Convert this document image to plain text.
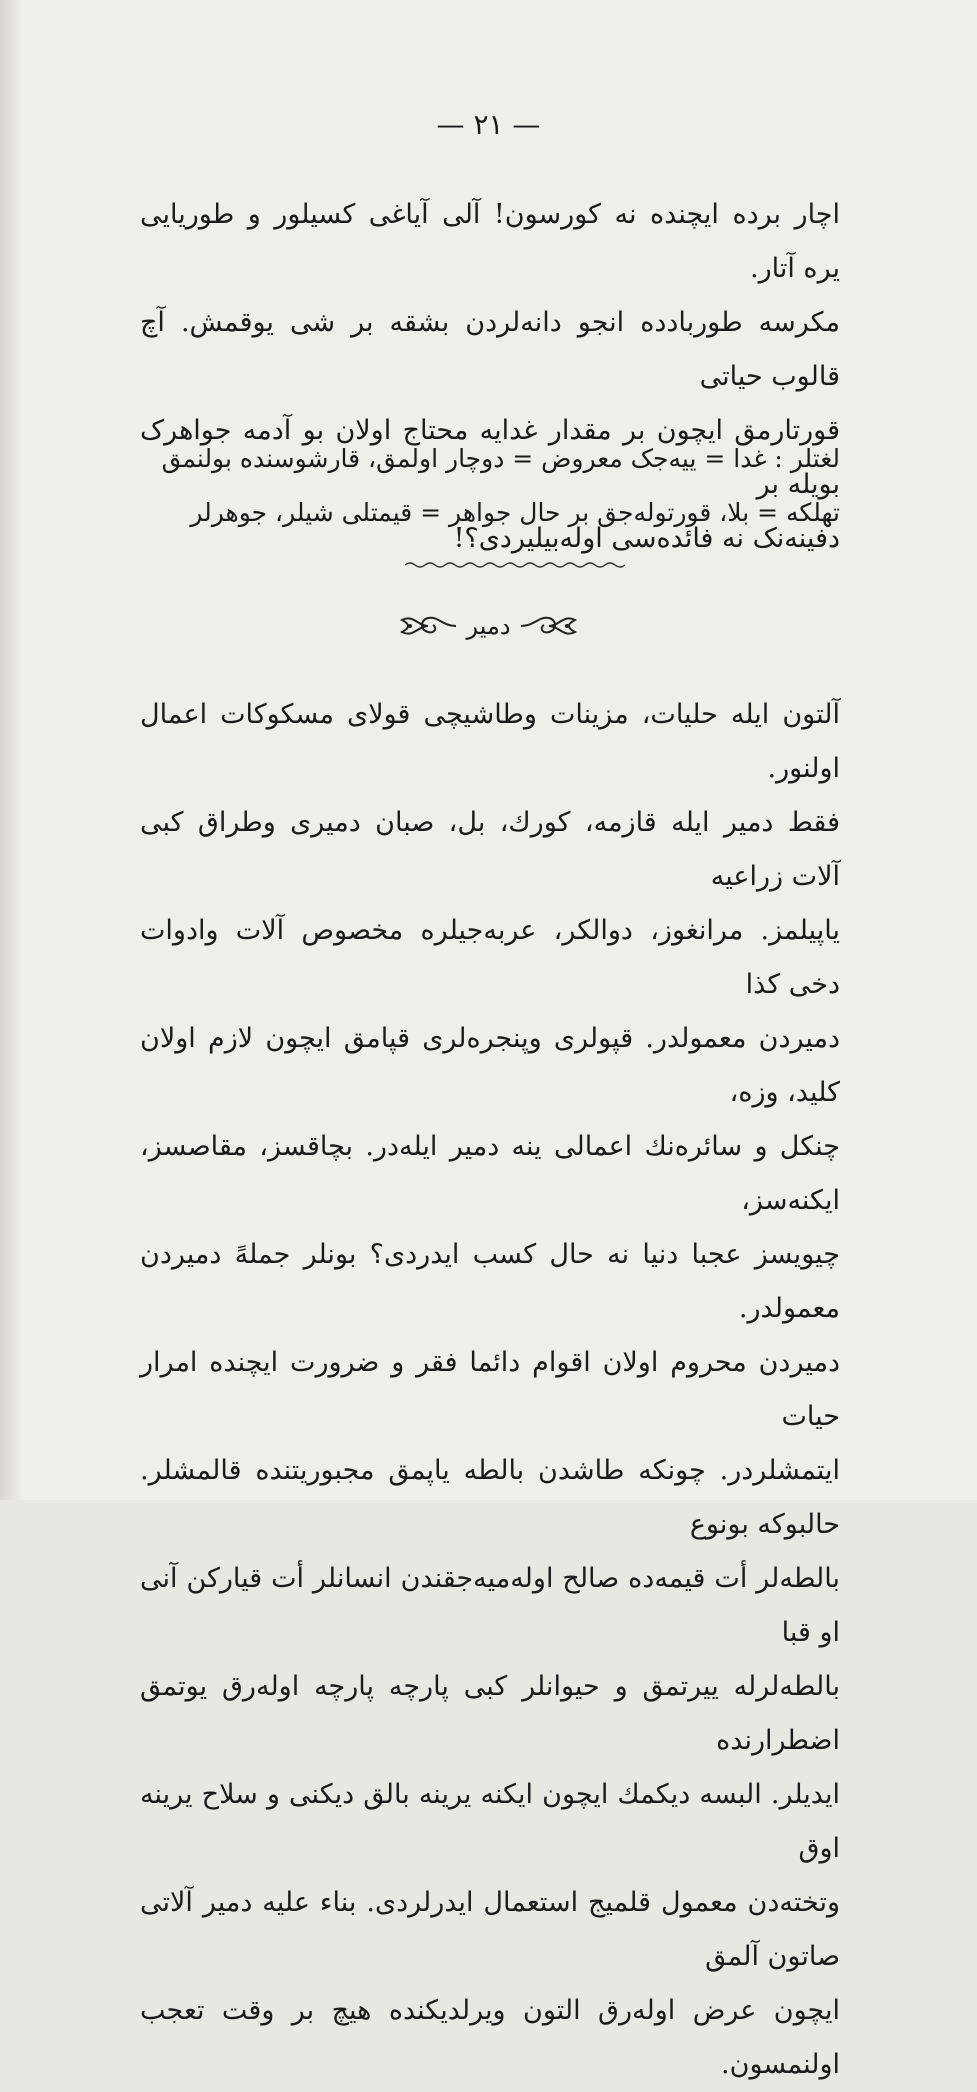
— ٢١ —
اچار برده ایچنده نه کورسون! آلی آیاغی کسیلور و طوریایی یره آتار.
مکرسه طوربادده انجو دانه‌لردن بشقه بر شی یوقمش. آچ قالوب حیاتی
قورتارمق ایچون بر مقدار غدایه محتاج اولان بو آدمه جواهرک بویله بر
دفینه‌نک نه فائده‌سی اوله‌بیلیردی؟!
لغتلر : غدا = ییه‌جک معروض = دوچار اولمق، قارشوسنده بولنمق
تهلکه = بلا، قورتوله‌جق بر حال جواهر = قیمتلی شیلر، جوهرلر
دمیر
آلتون ایله حلیات، مزینات وطاشیچی قولای مسکوکات اعمال اولنور.
فقط دمیر ایله قازمه، کورك، بل، صبان دمیری وطراق کبی آلات زراعیه
یاپیلمز. مرانغوز، دوالکر، عربه‌جیلره مخصوص آلات وادوات دخی کذا
دمیردن معمولدر. قپولری وپنجره‌لری قپامق ایچون لازم اولان کلید، وزه،
چنکل و سائره‌نك اعمالی ینه دمیر ایله‌در. بچاقسز، مقاصسز، ایکنه‌سز،
چیویسز عجبا دنیا نه حال کسب ایدردی؟ بونلر جملهً دمیردن معمولدر.
دمیردن محروم اولان اقوام دائما فقر و ضرورت ایچنده امرار حیات
ایتمشلردر. چونکه طاشدن بالطه یاپمق مجبوریتنده قالمشلر. حالبوکه بونوع
بالطه‌لر أت قیمه‌ده صالح اوله‌میه‌جقندن انسانلر أت قیارکن آنی او قبا
بالطه‌لرله ییرتمق و حیوانلر کبی پارچه پارچه اوله‌رق یوتمق اضطرارنده
ایدیلر. البسه دیکمك ایچون ایکنه یرینه بالق دیکنی و سلاح یرینه اوق
وتخته‌دن معمول قلمیج استعمال ایدرلردی. بناء علیه دمیر آلاتی صاتون آلمق
ایچون عرض اوله‌رق التون ویرلدیکنده هیچ بر وقت تعجب اولنمسون.
